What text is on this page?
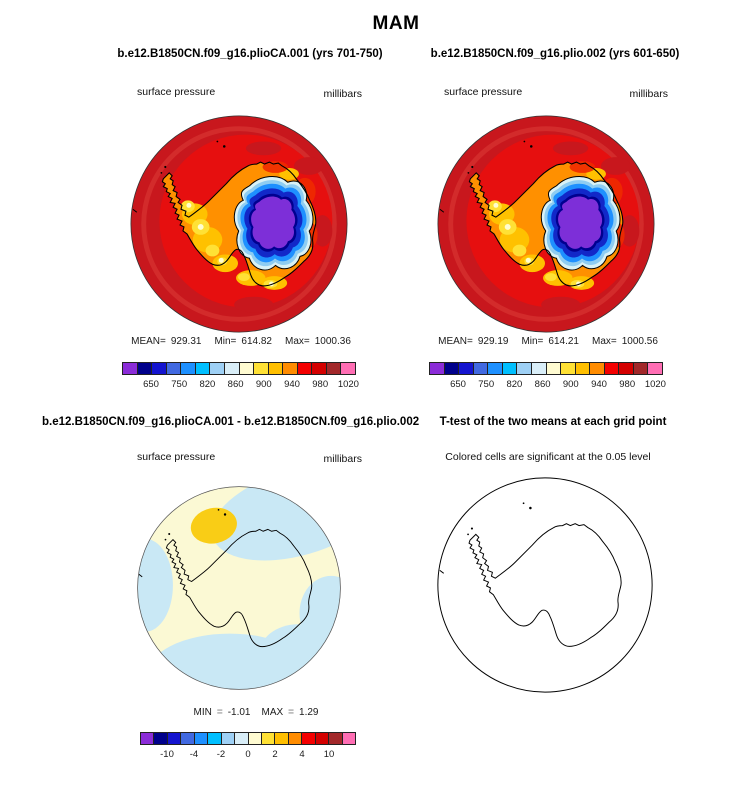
MAM
b.e12.B1850CN.f09_g16.plioCA.001 (yrs 701-750)	b.e12.B1850CN.f09_g16.plio.002 (yrs 601-650)
surface pressure	millibars	surface pressure	millibars
MEAN= 929.31 Min= 614.82 Max= 1000.36	MEAN= 929.19 Min= 614.21 Max= 1000.56
650 750 820 860 900 940 980 1020	650 750 820 860 900 940 980 1020
b.e12.B1850CN.f09_g16.plioCA.001 - b.e12.B1850CN.f09_g16.plio.002 T-test of the two means at each grid point
surface pressure	millibars	Colored cells are significant at the 0.05 level
MIN = -1.01 MAX = 1.29
-10 -4 -2 0 2 4 10
